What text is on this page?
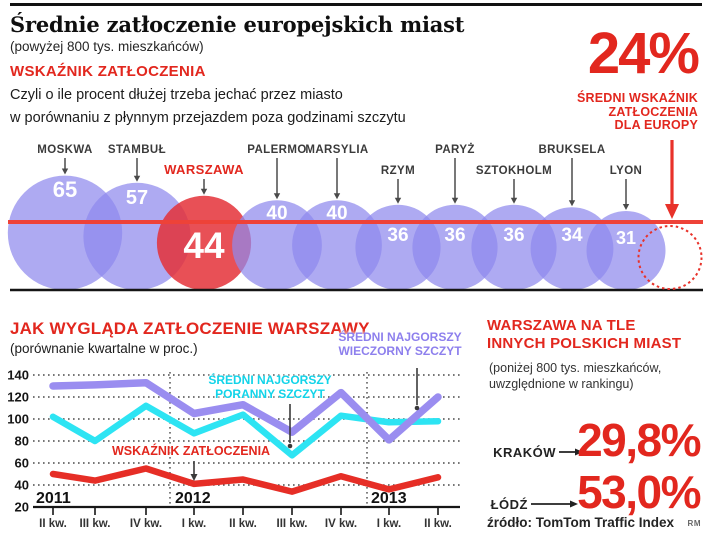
Średnie zatłoczenie europejskich miast
(powyżej 800 tys. mieszkańców)
WSKAŹNIK ZATŁOCZENIA
Czyli o ile procent dłużej trzeba jechać przez miasto
w porównaniu z płynnym przejazdem poza godzinami szczytu
24%
ŚREDNI WSKAŹNIK
ZATŁOCZENIA
DLA EUROPY
65 57
44
40 40
36 36 36 34 31
MOSKWA STAMBUŁ
WARSZAWA
PALERMO
MARSYLIA
RZYM
PARYŻ
SZTOKHOLM
BRUKSELA
LYON
140
120
100
80
60
40
20
II kw. III kw. IV kw. I kw. II kw. III kw. IV kw. I kw. II kw.
2011	2012	2013
JAK WYGLĄDA ZATŁOCZENIE WARSZAWY
(porównanie kwartalne w proc.)
ŚREDNI NAJGORSZY
WIECZORNY SZCZYT
ŚREDNI NAJGORSZY
PORANNY SZCZYT
WSKAŹNIK ZATŁOCZENIA
WARSZAWA NA TLE
INNYCH POLSKICH MIAST
(poniżej 800 tys. mieszkańców,
uwzględnione w rankingu)
KRAKÓW 29,8%
ŁÓDŹ 53,0%
źródło: TomTom Traffic Index RM
